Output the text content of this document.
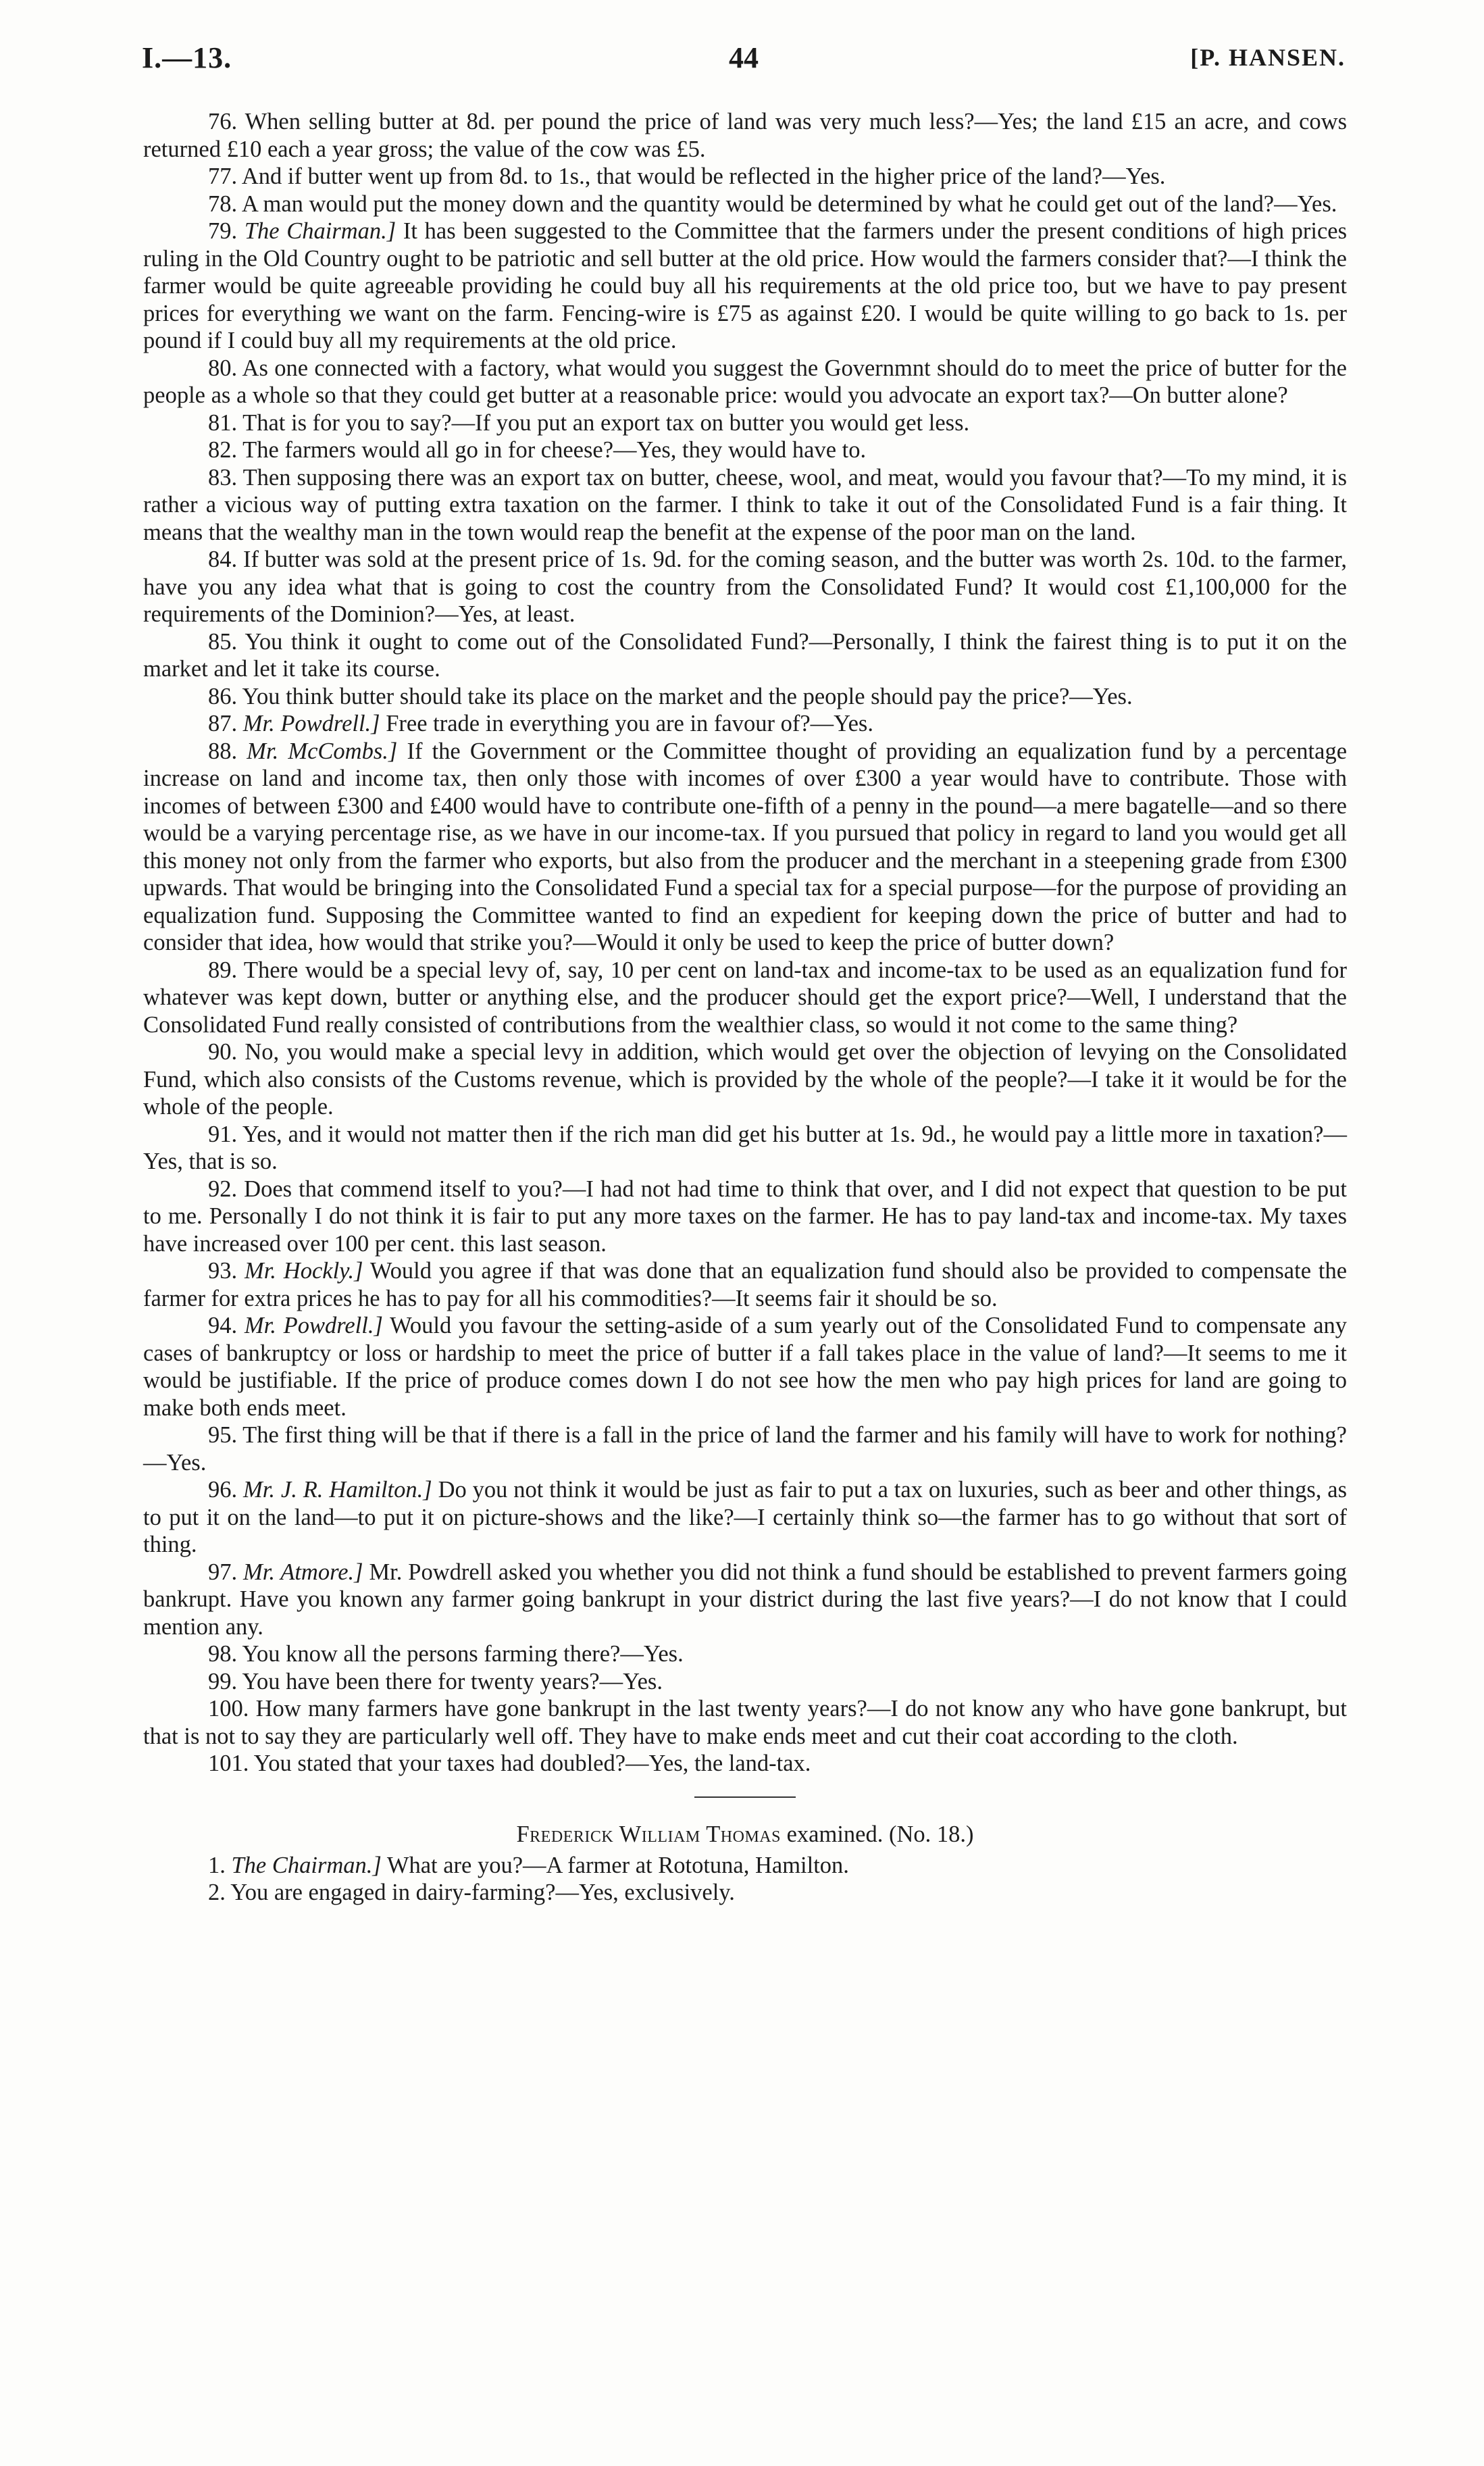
I.—13.	44	[P. HANSEN.

76. When selling butter at 8d. per pound the price of land was very much less?—Yes; the land £15 an acre, and cows returned £10 each a year gross; the value of the cow was £5.

77. And if butter went up from 8d. to 1s., that would be reflected in the higher price of the land?—Yes.

78. A man would put the money down and the quantity would be determined by what he could get out of the land?—Yes.

79. The Chairman.] It has been suggested to the Committee that the farmers under the present conditions of high prices ruling in the Old Country ought to be patriotic and sell butter at the old price. How would the farmers consider that?—I think the farmer would be quite agreeable providing he could buy all his requirements at the old price too, but we have to pay present prices for everything we want on the farm. Fencing-wire is £75 as against £20. I would be quite willing to go back to 1s. per pound if I could buy all my requirements at the old price.

80. As one connected with a factory, what would you suggest the Governmnt should do to meet the price of butter for the people as a whole so that they could get butter at a reasonable price: would you advocate an export tax?—On butter alone?

81. That is for you to say?—If you put an export tax on butter you would get less.

82. The farmers would all go in for cheese?—Yes, they would have to.

83. Then supposing there was an export tax on butter, cheese, wool, and meat, would you favour that?—To my mind, it is rather a vicious way of putting extra taxation on the farmer. I think to take it out of the Consolidated Fund is a fair thing. It means that the wealthy man in the town would reap the benefit at the expense of the poor man on the land.

84. If butter was sold at the present price of 1s. 9d. for the coming season, and the butter was worth 2s. 10d. to the farmer, have you any idea what that is going to cost the country from the Consolidated Fund? It would cost £1,100,000 for the requirements of the Dominion?—Yes, at least.

85. You think it ought to come out of the Consolidated Fund?—Personally, I think the fairest thing is to put it on the market and let it take its course.

86. You think butter should take its place on the market and the people should pay the price?—Yes.

87. Mr. Powdrell.] Free trade in everything you are in favour of?—Yes.

88. Mr. McCombs.] If the Government or the Committee thought of providing an equalization fund by a percentage increase on land and income tax, then only those with incomes of over £300 a year would have to contribute. Those with incomes of between £300 and £400 would have to contribute one-fifth of a penny in the pound—a mere bagatelle—and so there would be a varying percentage rise, as we have in our income-tax. If you pursued that policy in regard to land you would get all this money not only from the farmer who exports, but also from the producer and the merchant in a steepening grade from £300 upwards. That would be bringing into the Consolidated Fund a special tax for a special purpose—for the purpose of providing an equalization fund. Supposing the Committee wanted to find an expedient for keeping down the price of butter and had to consider that idea, how would that strike you?—Would it only be used to keep the price of butter down?

89. There would be a special levy of, say, 10 per cent on land-tax and income-tax to be used as an equalization fund for whatever was kept down, butter or anything else, and the producer should get the export price?—Well, I understand that the Consolidated Fund really consisted of contributions from the wealthier class, so would it not come to the same thing?

90. No, you would make a special levy in addition, which would get over the objection of levying on the Consolidated Fund, which also consists of the Customs revenue, which is provided by the whole of the people?—I take it it would be for the whole of the people.

91. Yes, and it would not matter then if the rich man did get his butter at 1s. 9d., he would pay a little more in taxation?—Yes, that is so.

92. Does that commend itself to you?—I had not had time to think that over, and I did not expect that question to be put to me. Personally I do not think it is fair to put any more taxes on the farmer. He has to pay land-tax and income-tax. My taxes have increased over 100 per cent. this last season.

93. Mr. Hockly.] Would you agree if that was done that an equalization fund should also be provided to compensate the farmer for extra prices he has to pay for all his commodities?—It seems fair it should be so.

94. Mr. Powdrell.] Would you favour the setting-aside of a sum yearly out of the Consolidated Fund to compensate any cases of bankruptcy or loss or hardship to meet the price of butter if a fall takes place in the value of land?—It seems to me it would be justifiable. If the price of produce comes down I do not see how the men who pay high prices for land are going to make both ends meet.

95. The first thing will be that if there is a fall in the price of land the farmer and his family will have to work for nothing?—Yes.

96. Mr. J. R. Hamilton.] Do you not think it would be just as fair to put a tax on luxuries, such as beer and other things, as to put it on the land—to put it on picture-shows and the like?—I certainly think so—the farmer has to go without that sort of thing.

97. Mr. Atmore.] Mr. Powdrell asked you whether you did not think a fund should be established to prevent farmers going bankrupt. Have you known any farmer going bankrupt in your district during the last five years?—I do not know that I could mention any.

98. You know all the persons farming there?—Yes.

99. You have been there for twenty years?—Yes.

100. How many farmers have gone bankrupt in the last twenty years?—I do not know any who have gone bankrupt, but that is not to say they are particularly well off. They have to make ends meet and cut their coat according to the cloth.

101. You stated that your taxes had doubled?—Yes, the land-tax.

Frederick William Thomas examined. (No. 18.)

1. The Chairman.] What are you?—A farmer at Rototuna, Hamilton.

2. You are engaged in dairy-farming?—Yes, exclusively.
